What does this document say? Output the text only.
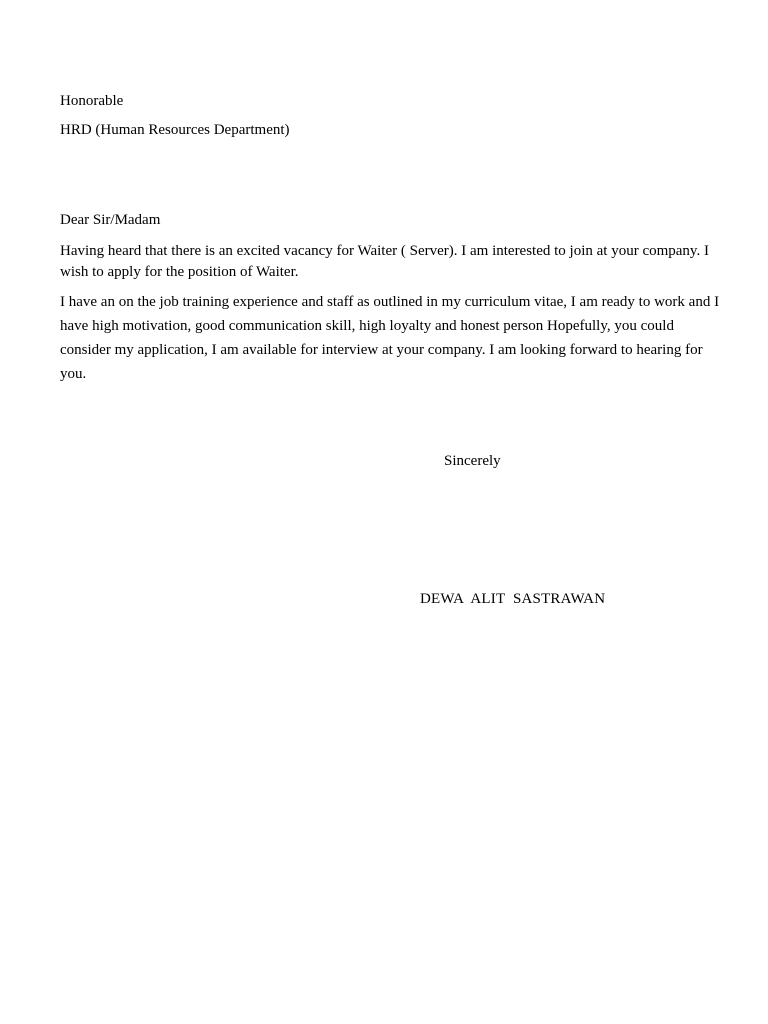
Honorable

HRD (Human Resources Department)

Dear Sir/Madam

Having heard that there is an excited vacancy for Waiter ( Server). I am interested to join at your company. I wish to apply for the position of Waiter.

I have an on the job training experience and staff as outlined in my curriculum vitae, I am ready to work and I have high motivation, good communication skill, high loyalty and honest person Hopefully, you could consider my application, I am available for interview at your company. I am looking forward to hearing for you.

Sincerely

DEWA  ALIT  SASTRAWAN
